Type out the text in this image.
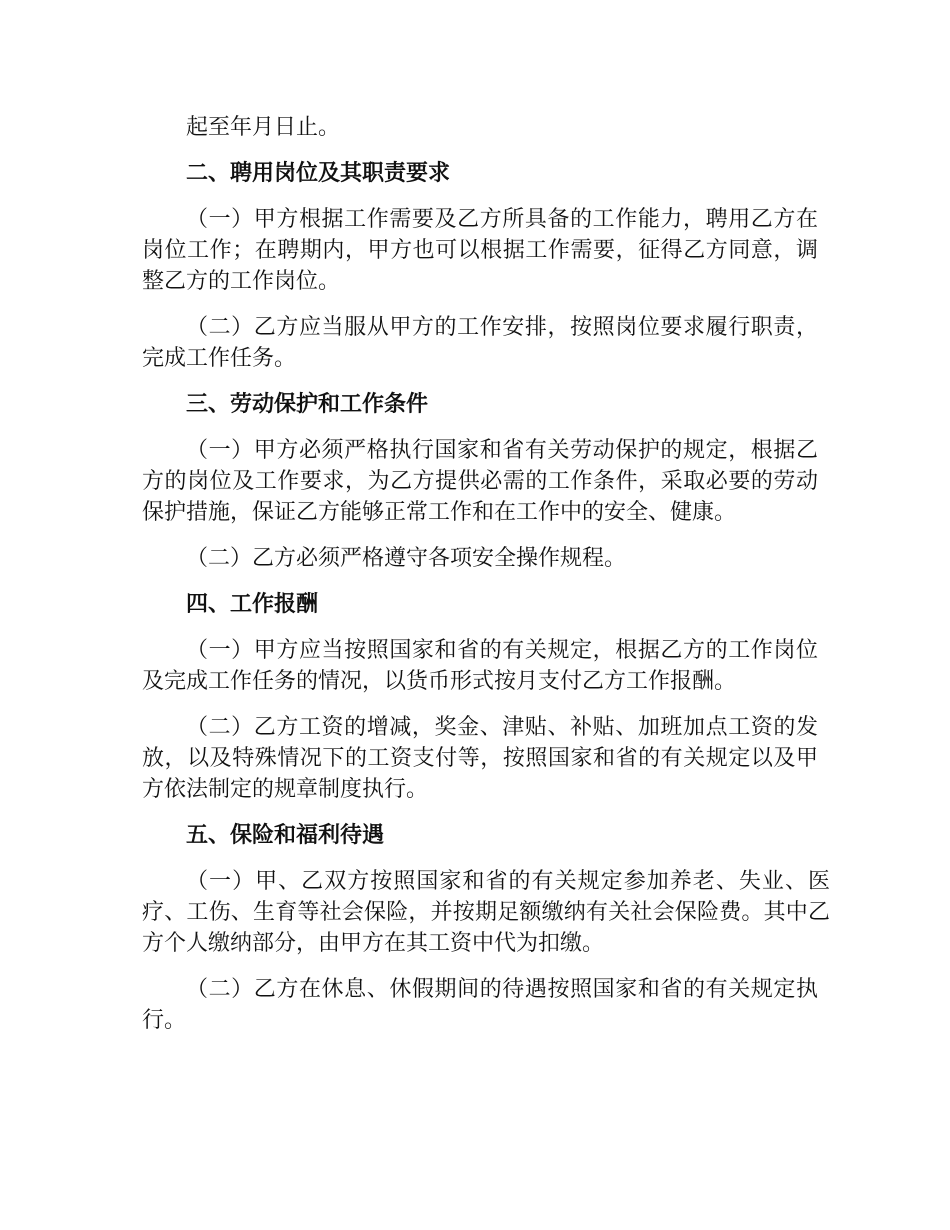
起至年月日止。

二、聘用岗位及其职责要求

（一）甲方根据工作需要及乙方所具备的工作能力，聘用乙方在岗位工作；在聘期内，甲方也可以根据工作需要，征得乙方同意，调整乙方的工作岗位。

（二）乙方应当服从甲方的工作安排，按照岗位要求履行职责，完成工作任务。

三、劳动保护和工作条件

（一）甲方必须严格执行国家和省有关劳动保护的规定，根据乙方的岗位及工作要求，为乙方提供必需的工作条件，采取必要的劳动保护措施，保证乙方能够正常工作和在工作中的安全、健康。

（二）乙方必须严格遵守各项安全操作规程。

四、工作报酬

（一）甲方应当按照国家和省的有关规定，根据乙方的工作岗位及完成工作任务的情况，以货币形式按月支付乙方工作报酬。

（二）乙方工资的增减，奖金、津贴、补贴、加班加点工资的发放，以及特殊情况下的工资支付等，按照国家和省的有关规定以及甲方依法制定的规章制度执行。

五、保险和福利待遇

（一）甲、乙双方按照国家和省的有关规定参加养老、失业、医疗、工伤、生育等社会保险，并按期足额缴纳有关社会保险费。其中乙方个人缴纳部分，由甲方在其工资中代为扣缴。

（二）乙方在休息、休假期间的待遇按照国家和省的有关规定执行。
